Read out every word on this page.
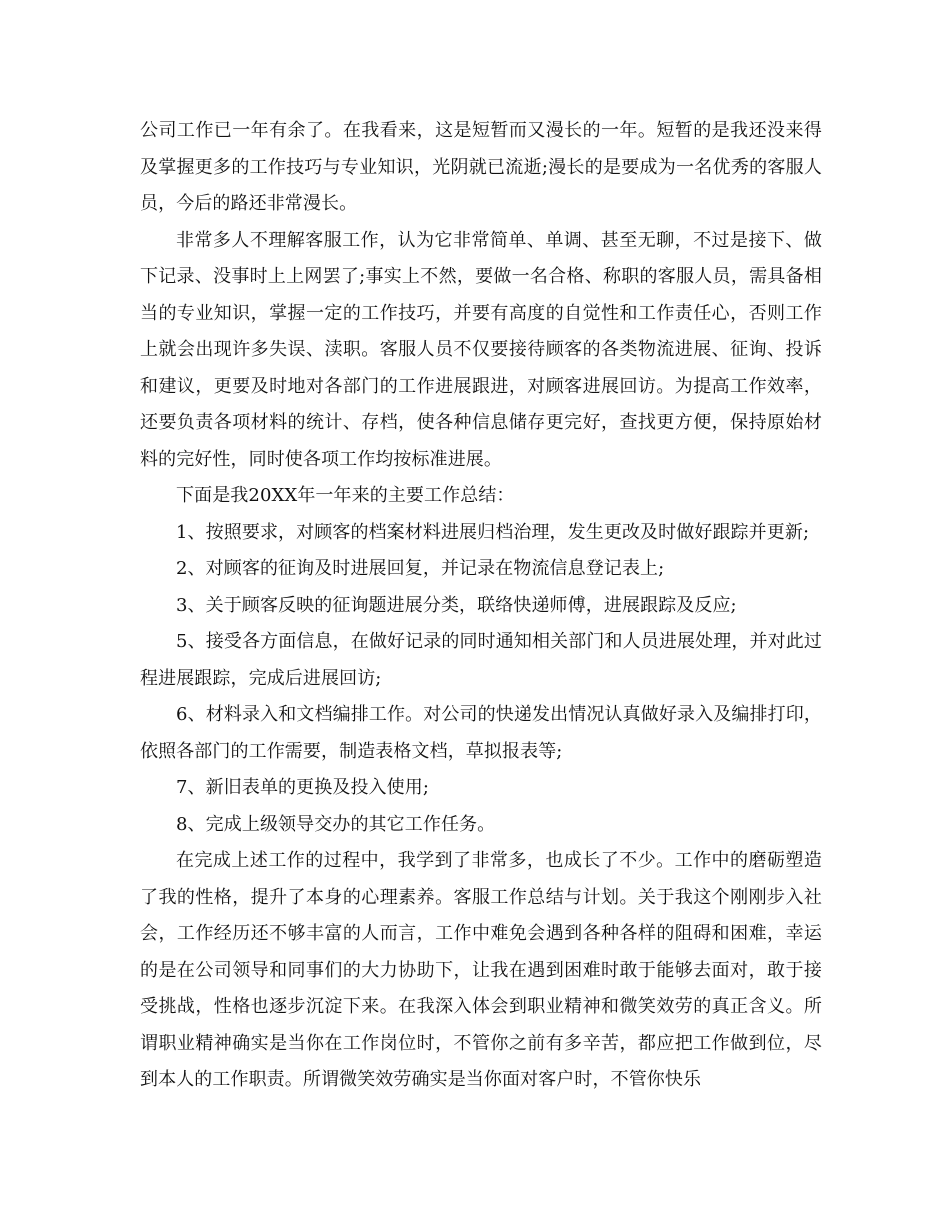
公司工作已一年有余了。在我看来，这是短暂而又漫长的一年。短暂的是我还没来得及掌握更多的工作技巧与专业知识，光阴就已流逝;漫长的是要成为一名优秀的客服人员，今后的路还非常漫长。

非常多人不理解客服工作，认为它非常简单、单调、甚至无聊，不过是接下、做下记录、没事时上上网罢了;事实上不然，要做一名合格、称职的客服人员，需具备相当的专业知识，掌握一定的工作技巧，并要有高度的自觉性和工作责任心，否则工作上就会出现许多失误、渎职。客服人员不仅要接待顾客的各类物流进展、征询、投诉和建议，更要及时地对各部门的工作进展跟进，对顾客进展回访。为提高工作效率，还要负责各项材料的统计、存档，使各种信息储存更完好，查找更方便，保持原始材料的完好性，同时使各项工作均按标准进展。

下面是我20XX年一年来的主要工作总结：

1、按照要求，对顾客的档案材料进展归档治理，发生更改及时做好跟踪并更新;

2、对顾客的征询及时进展回复，并记录在物流信息登记表上;

3、关于顾客反映的征询题进展分类，联络快递师傅，进展跟踪及反应;

5、接受各方面信息，在做好记录的同时通知相关部门和人员进展处理，并对此过程进展跟踪，完成后进展回访;

6、材料录入和文档编排工作。对公司的快递发出情况认真做好录入及编排打印，依照各部门的工作需要，制造表格文档，草拟报表等;

7、新旧表单的更换及投入使用;

8、完成上级领导交办的其它工作任务。

在完成上述工作的过程中，我学到了非常多，也成长了不少。工作中的磨砺塑造了我的性格，提升了本身的心理素养。客服工作总结与计划。关于我这个刚刚步入社会，工作经历还不够丰富的人而言，工作中难免会遇到各种各样的阻碍和困难，幸运的是在公司领导和同事们的大力协助下，让我在遇到困难时敢于能够去面对，敢于接受挑战，性格也逐步沉淀下来。在我深入体会到职业精神和微笑效劳的真正含义。所谓职业精神确实是当你在工作岗位时，不管你之前有多辛苦，都应把工作做到位，尽到本人的工作职责。所谓微笑效劳确实是当你面对客户时，不管你快乐
